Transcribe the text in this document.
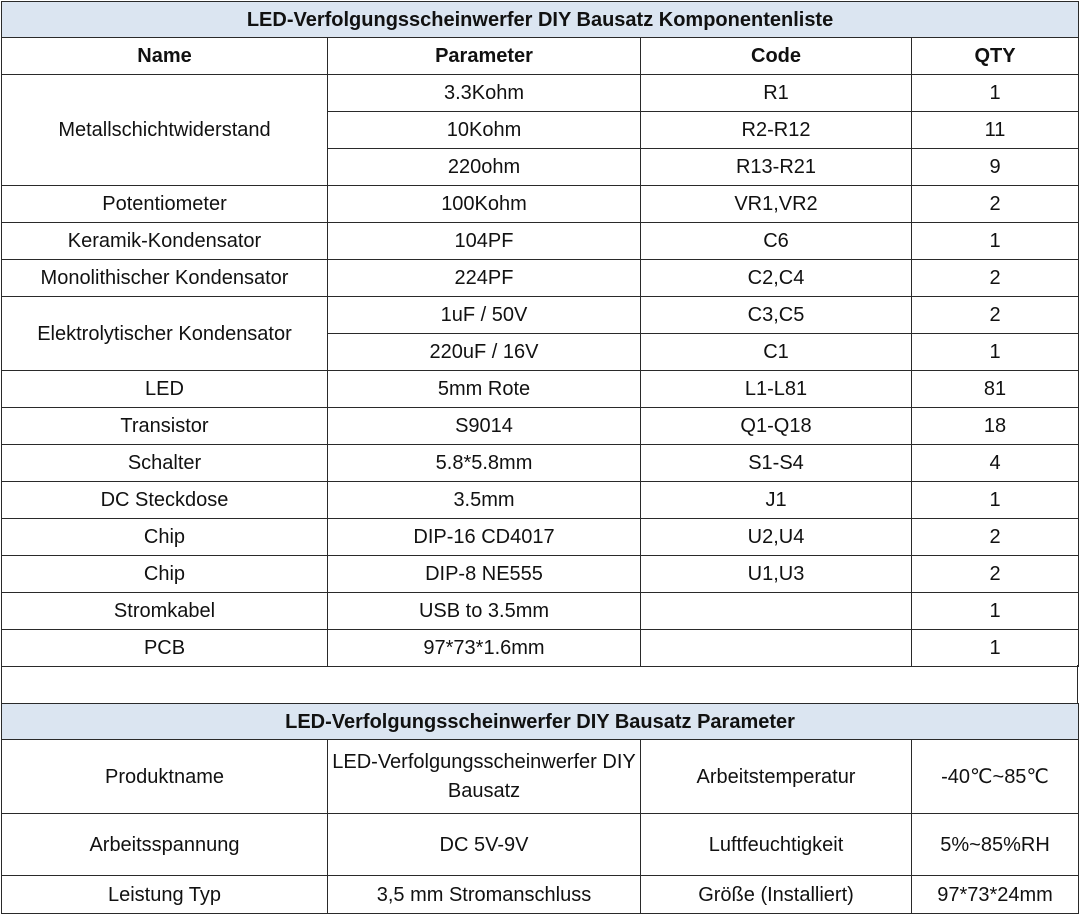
LED-Verfolgungsscheinwerfer DIY Bausatz Komponentenliste			
Name	Parameter	Code	QTY
Metallschichtwiderstand	3.3Kohm	R1	1
	10Kohm	R2-R12	11
	220ohm	R13-R21	9
Potentiometer	100Kohm	VR1,VR2	2
Keramik-Kondensator	104PF	C6	1
Monolithischer Kondensator	224PF	C2,C4	2
Elektrolytischer Kondensator	1uF / 50V	C3,C5	2
	220uF / 16V	C1	1
LED	5mm Rote	L1-L81	81
Transistor	S9014	Q1-Q18	18
Schalter	5.8*5.8mm	S1-S4	4
DC Steckdose	3.5mm	J1	1
Chip	DIP-16 CD4017	U2,U4	2
Chip	DIP-8 NE555	U1,U3	2
Stromkabel	USB to 3.5mm		1
PCB	97*73*1.6mm		1
LED-Verfolgungsscheinwerfer DIY Bausatz Parameter			
Produktname	LED-Verfolgungsscheinwerfer DIY Bausatz	Arbeitstemperatur	-40℃~85℃
Arbeitsspannung	DC 5V-9V	Luftfeuchtigkeit	5%~85%RH
Leistung Typ	3,5 mm Stromanschluss	Größe (Installiert)	97*73*24mm
